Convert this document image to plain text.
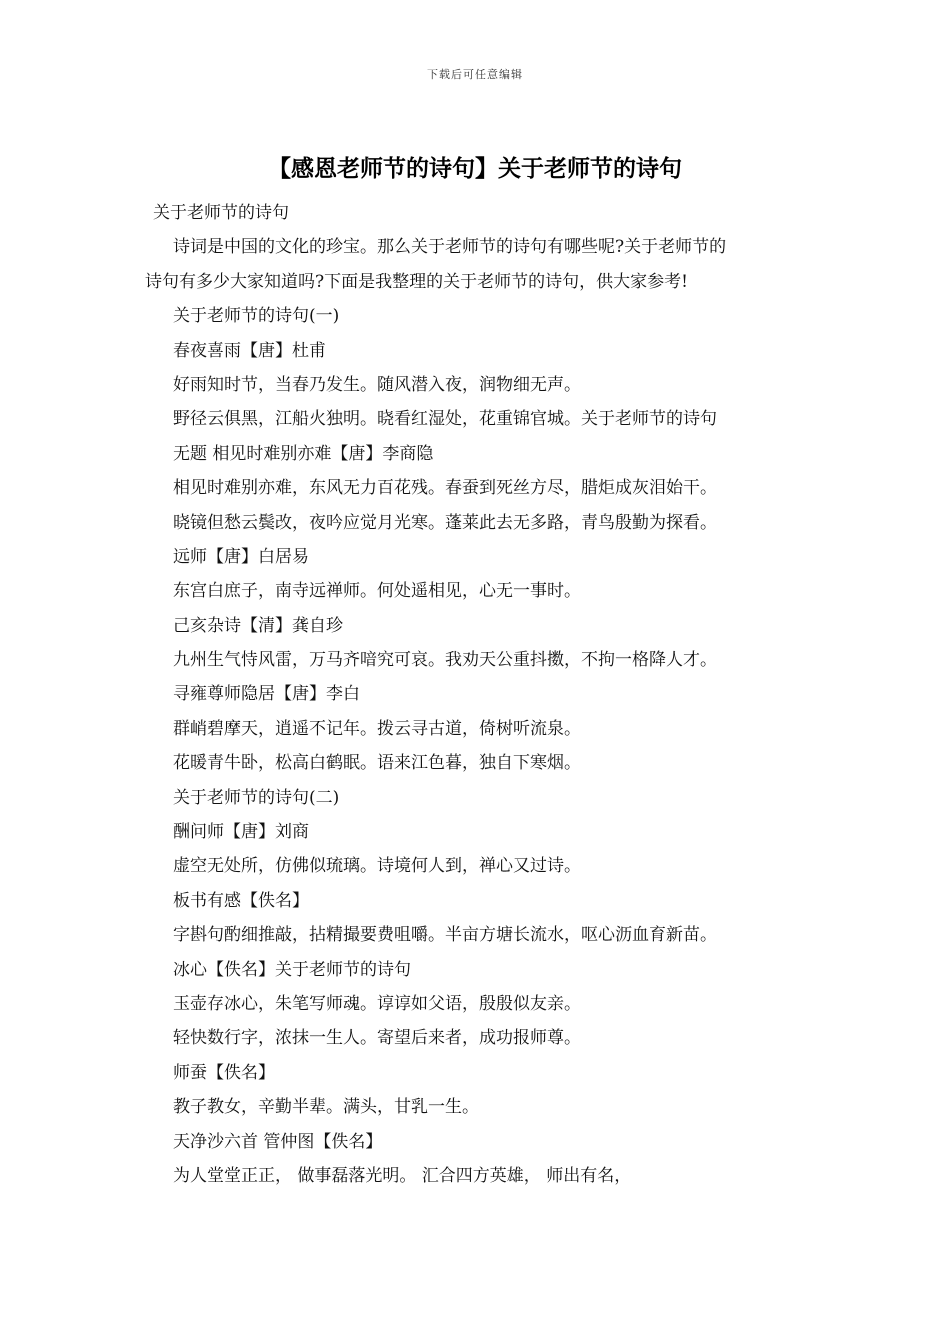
下载后可任意编辑
【感恩老师节的诗句】关于老师节的诗句
关于老师节的诗句
诗词是中国的文化的珍宝。那么关于老师节的诗句有哪些呢?关于老师节的
诗句有多少大家知道吗?下面是我整理的关于老师节的诗句，供大家参考!
关于老师节的诗句(一)
春夜喜雨【唐】杜甫
好雨知时节，当春乃发生。随风潜入夜，润物细无声。
野径云俱黑，江船火独明。晓看红湿处，花重锦官城。关于老师节的诗句
无题 相见时难别亦难【唐】李商隐
相见时难别亦难，东风无力百花残。春蚕到死丝方尽，腊炬成灰泪始干。
晓镜但愁云鬓改，夜吟应觉月光寒。蓬莱此去无多路，青鸟殷勤为探看。
远师【唐】白居易
东宫白庶子，南寺远禅师。何处遥相见，心无一事时。
己亥杂诗【清】龚自珍
九州生气恃风雷，万马齐喑究可哀。我劝天公重抖擞，不拘一格降人才。
寻雍尊师隐居【唐】李白
群峭碧摩天，逍遥不记年。拨云寻古道，倚树听流泉。
花暖青牛卧，松高白鹤眠。语来江色暮，独自下寒烟。
关于老师节的诗句(二)
酬问师【唐】刘商
虚空无处所，仿佛似琉璃。诗境何人到，禅心又过诗。
板书有感【佚名】
字斟句酌细推敲，拈精撮要费咀嚼。半亩方塘长流水，呕心沥血育新苗。
冰心【佚名】关于老师节的诗句
玉壶存冰心，朱笔写师魂。谆谆如父语，殷殷似友亲。
轻快数行字，浓抹一生人。寄望后来者，成功报师尊。
师蚕【佚名】
教子教女，辛勤半辈。满头，甘乳一生。
天净沙六首 管仲图【佚名】
为人堂堂正正， 做事磊落光明。 汇合四方英雄， 师出有名，
